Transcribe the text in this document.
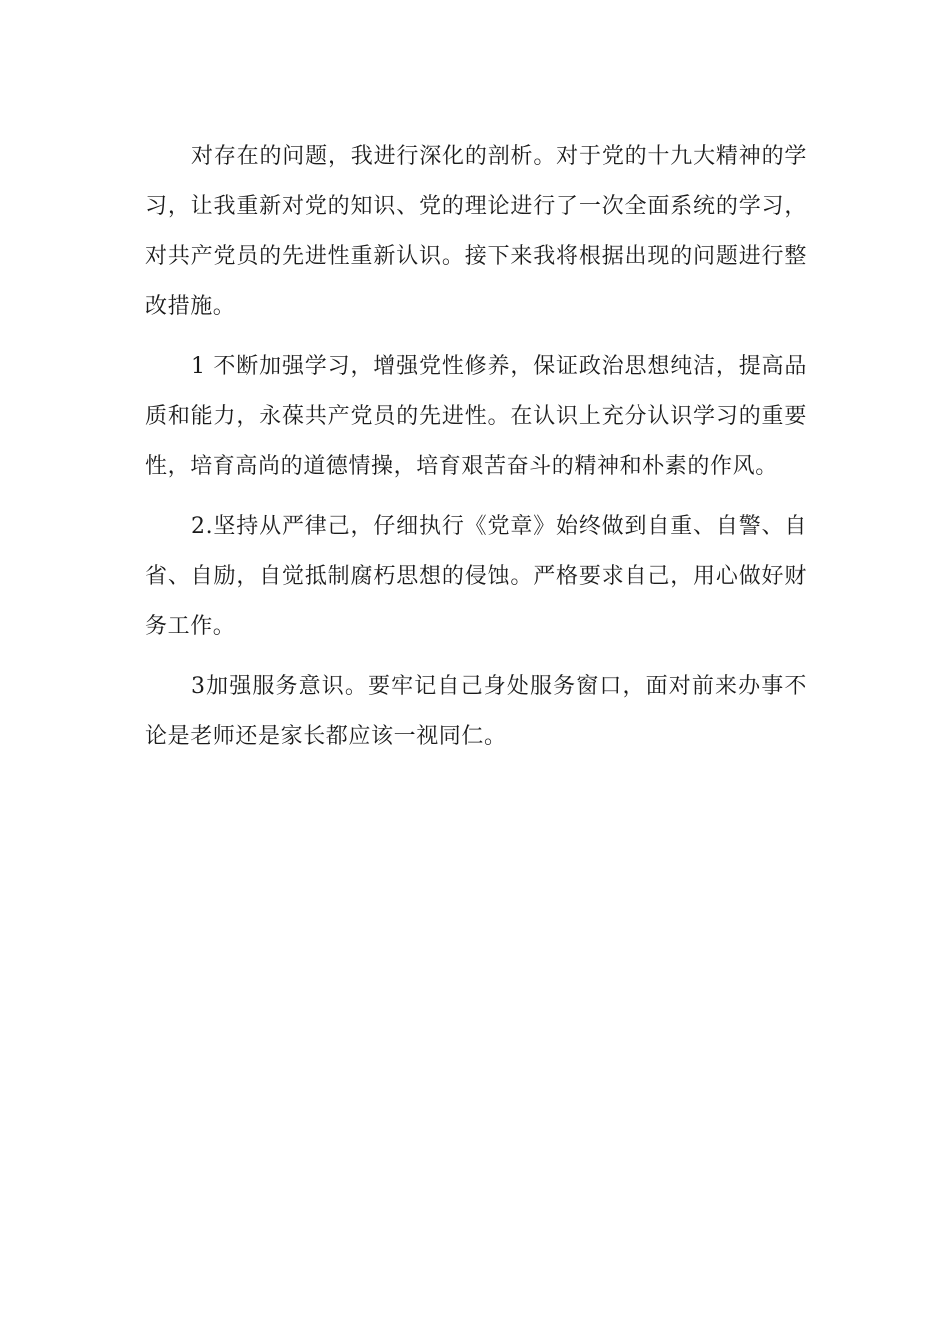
对存在的问题，我进行深化的剖析。对于党的十九大精神的学习，让我重新对党的知识、党的理论进行了一次全面系统的学习，对共产党员的先进性重新认识。接下来我将根据出现的问题进行整改措施。

1 不断加强学习，增强党性修养，保证政治思想纯洁，提高品质和能力，永葆共产党员的先进性。在认识上充分认识学习的重要性，培育高尚的道德情操，培育艰苦奋斗的精神和朴素的作风。

2.坚持从严律己，仔细执行《党章》始终做到自重、自警、自省、自励，自觉抵制腐朽思想的侵蚀。严格要求自己，用心做好财务工作。

3加强服务意识。要牢记自己身处服务窗口，面对前来办事不论是老师还是家长都应该一视同仁。
